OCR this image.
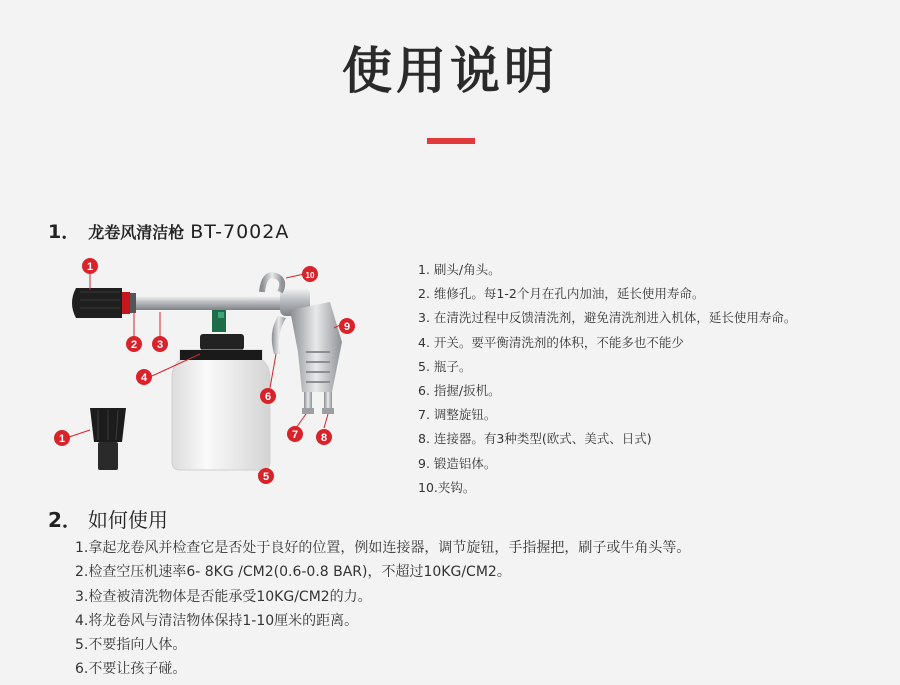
使用说明
1． 龙卷风清洁枪 BT-7002A
1
2 3
4
5
6
7 8
9
10
1
1. 刷头/角头。
2. 维修孔。每1-2个月在孔内加油，延长使用寿命。
3. 在清洗过程中反馈清洗剂，避免清洗剂进入机体，延长使用寿命。
4. 开关。要平衡清洗剂的体积，不能多也不能少
5. 瓶子。
6. 指握/扳机。
7. 调整旋钮。
8. 连接器。有3种类型(欧式、美式、日式)
9. 锻造铝体。
10.夹钩。
2． 如何使用
1.拿起龙卷风并检查它是否处于良好的位置，例如连接器，调节旋钮，手指握把，刷子或牛角头等。
2.检查空压机速率6- 8KG /CM2(0.6-0.8 BAR)，不超过10KG/CM2。
3.检查被清洗物体是否能承受10KG/CM2的力。
4.将龙卷风与清洁物体保持1-10厘米的距离。
5.不要指向人体。
6.不要让孩子碰。
